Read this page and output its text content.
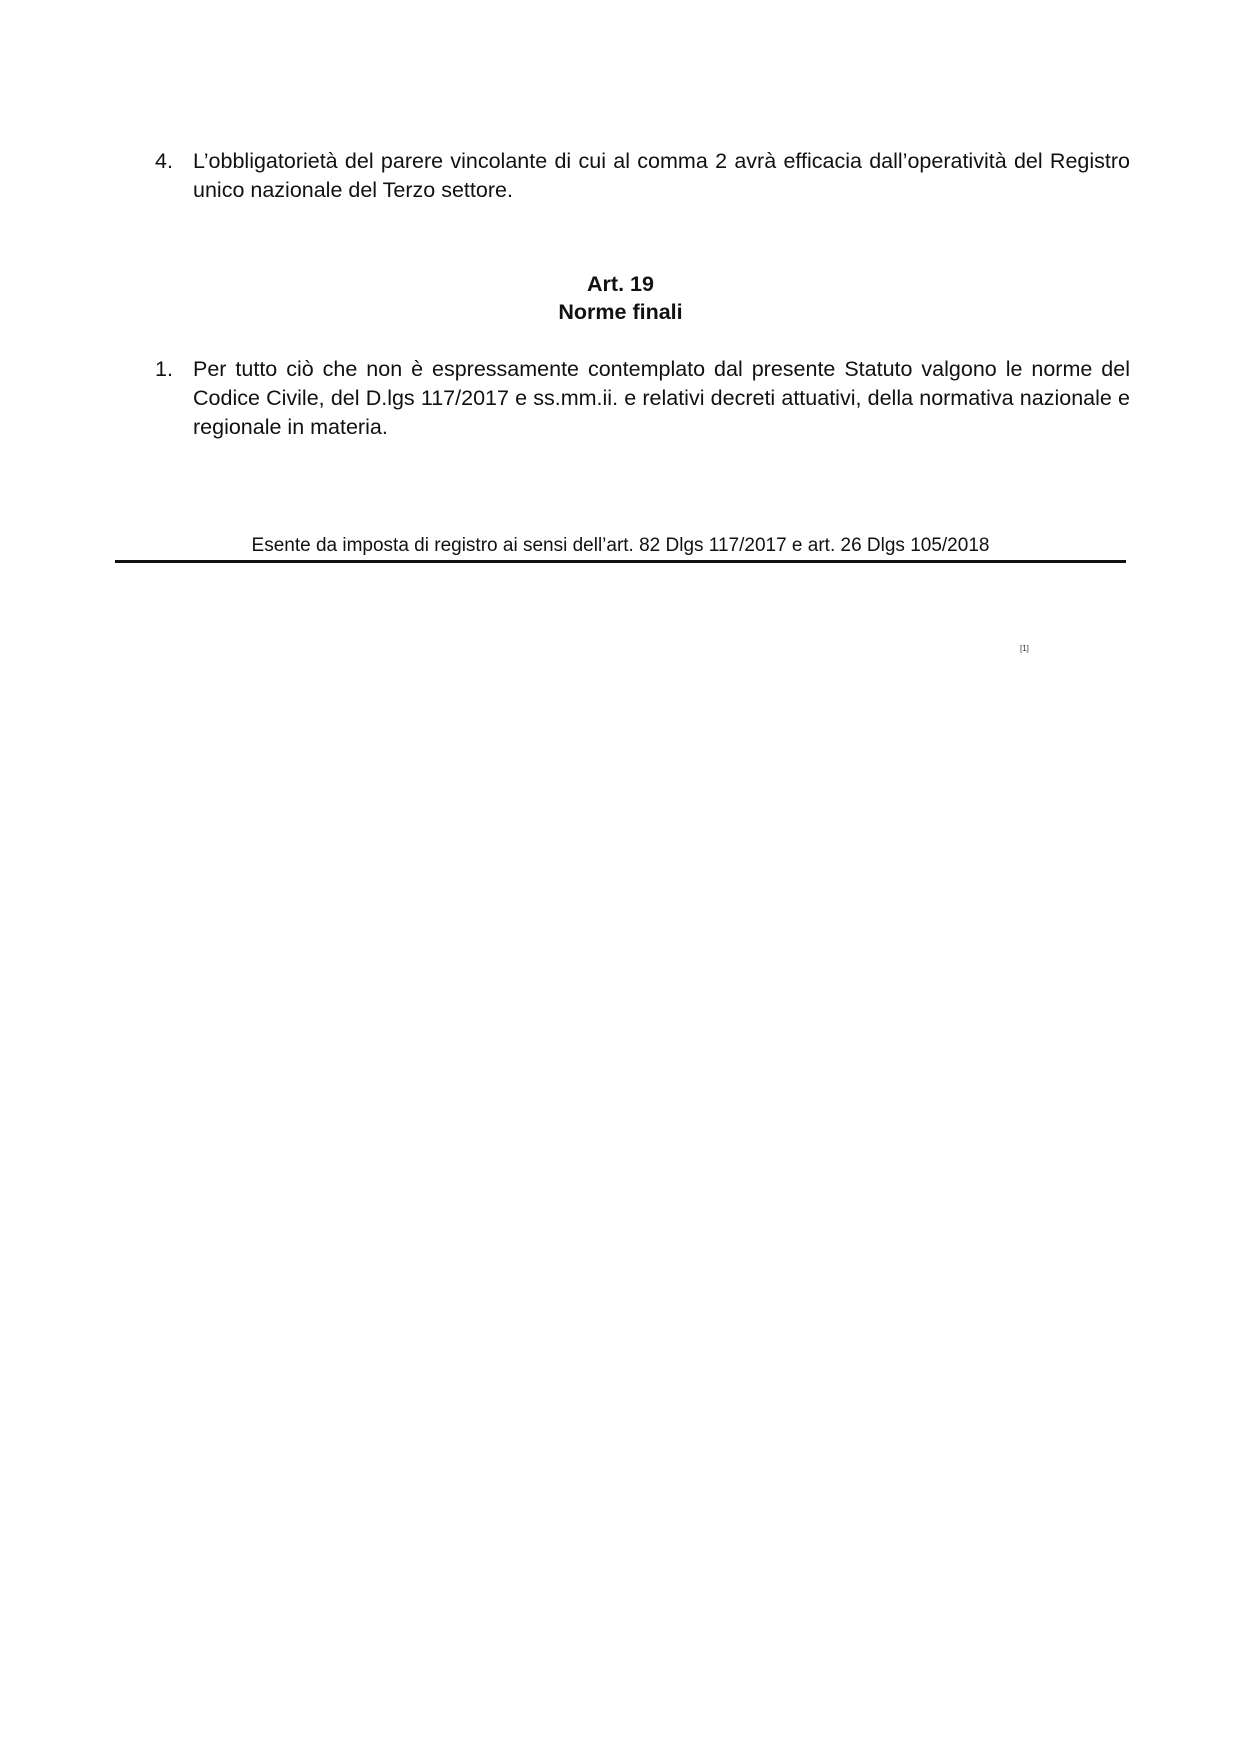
4. L’obbligatorietà del parere vincolante di cui al comma 2 avrà efficacia dall’operatività del Registro unico nazionale del Terzo settore.
Art. 19
Norme finali
1. Per tutto ciò che non è espressamente contemplato dal presente Statuto valgono le norme del Codice Civile, del D.lgs 117/2017 e ss.mm.ii. e relativi decreti attuativi, della normativa nazionale e regionale in materia.
Esente da imposta di registro ai sensi dell’art. 82 Dlgs 117/2017 e art. 26 Dlgs 105/2018
[1]
